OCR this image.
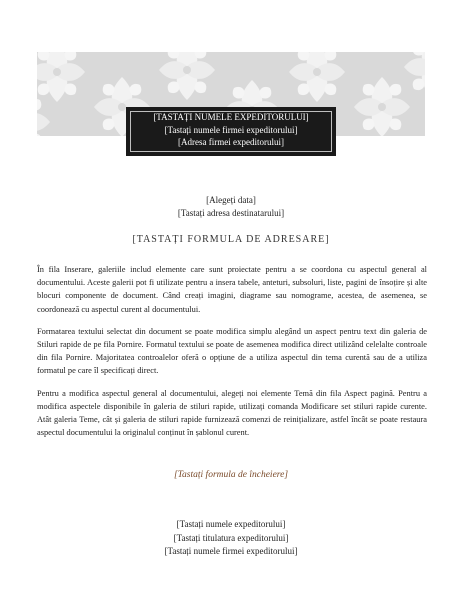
[TASTAȚI NUMELE EXPEDITORULUI]
[Tastați numele firmei expeditorului]
[Adresa firmei expeditorului]
[Alegeți data]
[Tastați adresa destinatarului]
[TASTAȚI FORMULA DE ADRESARE]

În fila Inserare, galeriile includ elemente care sunt proiectate pentru a se coordona cu aspectul general al documentului. Aceste galerii pot fi utilizate pentru a insera tabele, anteturi, subsoluri, liste, pagini de însoțire și alte blocuri componente de document. Când creați imagini, diagrame sau nomograme, acestea, de asemenea, se coordonează cu aspectul curent al documentului.

Formatarea textului selectat din document se poate modifica simplu alegând un aspect pentru text din galeria de Stiluri rapide de pe fila Pornire. Formatul textului se poate de asemenea modifica direct utilizând celelalte controale din fila Pornire. Majoritatea controalelor oferă o opțiune de a utiliza aspectul din tema curentă sau de a utiliza formatul pe care îl specificați direct.

Pentru a modifica aspectul general al documentului, alegeți noi elemente Temă din fila Aspect pagină. Pentru a modifica aspectele disponibile în galeria de stiluri rapide, utilizați comanda Modificare set stiluri rapide curente. Atât galeria Teme, cât și galeria de stiluri rapide furnizează comenzi de reinițializare, astfel încât se poate restaura aspectul documentului la originalul conținut în șablonul curent.

[Tastați formula de încheiere]
[Tastați numele expeditorului]
[Tastați titulatura expeditorului]
[Tastați numele firmei expeditorului]
